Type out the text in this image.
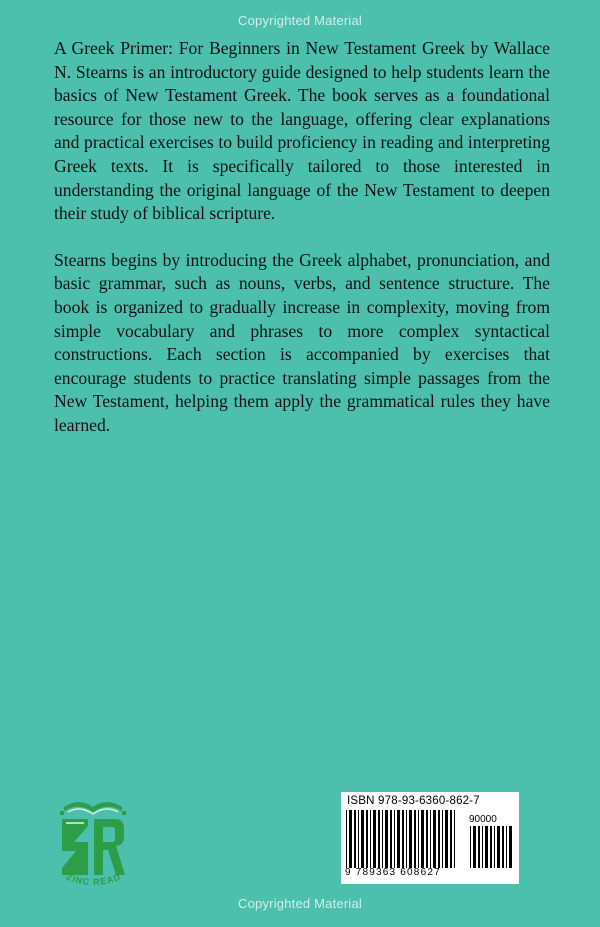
Copyrighted Material

A Greek Primer: For Beginners in New Testament Greek by Wallace N. Stearns is an introductory guide designed to help students learn the basics of New Testament Greek. The book serves as a foundational resource for those new to the language, offering clear explanations and practical exercises to build proficiency in reading and interpreting Greek texts. It is specifically tailored to those interested in understanding the original language of the New Testament to deepen their study of biblical scripture.

Stearns begins by introducing the Greek alphabet, pronunciation, and basic grammar, such as nouns, verbs, and sentence structure. The book is organized to gradually increase in complexity, moving from simple vocabulary and phrases to more complex syntactical constructions. Each section is accompanied by exercises that encourage students to practice translating simple passages from the New Testament, helping them apply the grammatical rules they have learned.

ZINC READ
ISBN 978-93-6360-862-7
90000
9 789363 608627
Copyrighted Material
